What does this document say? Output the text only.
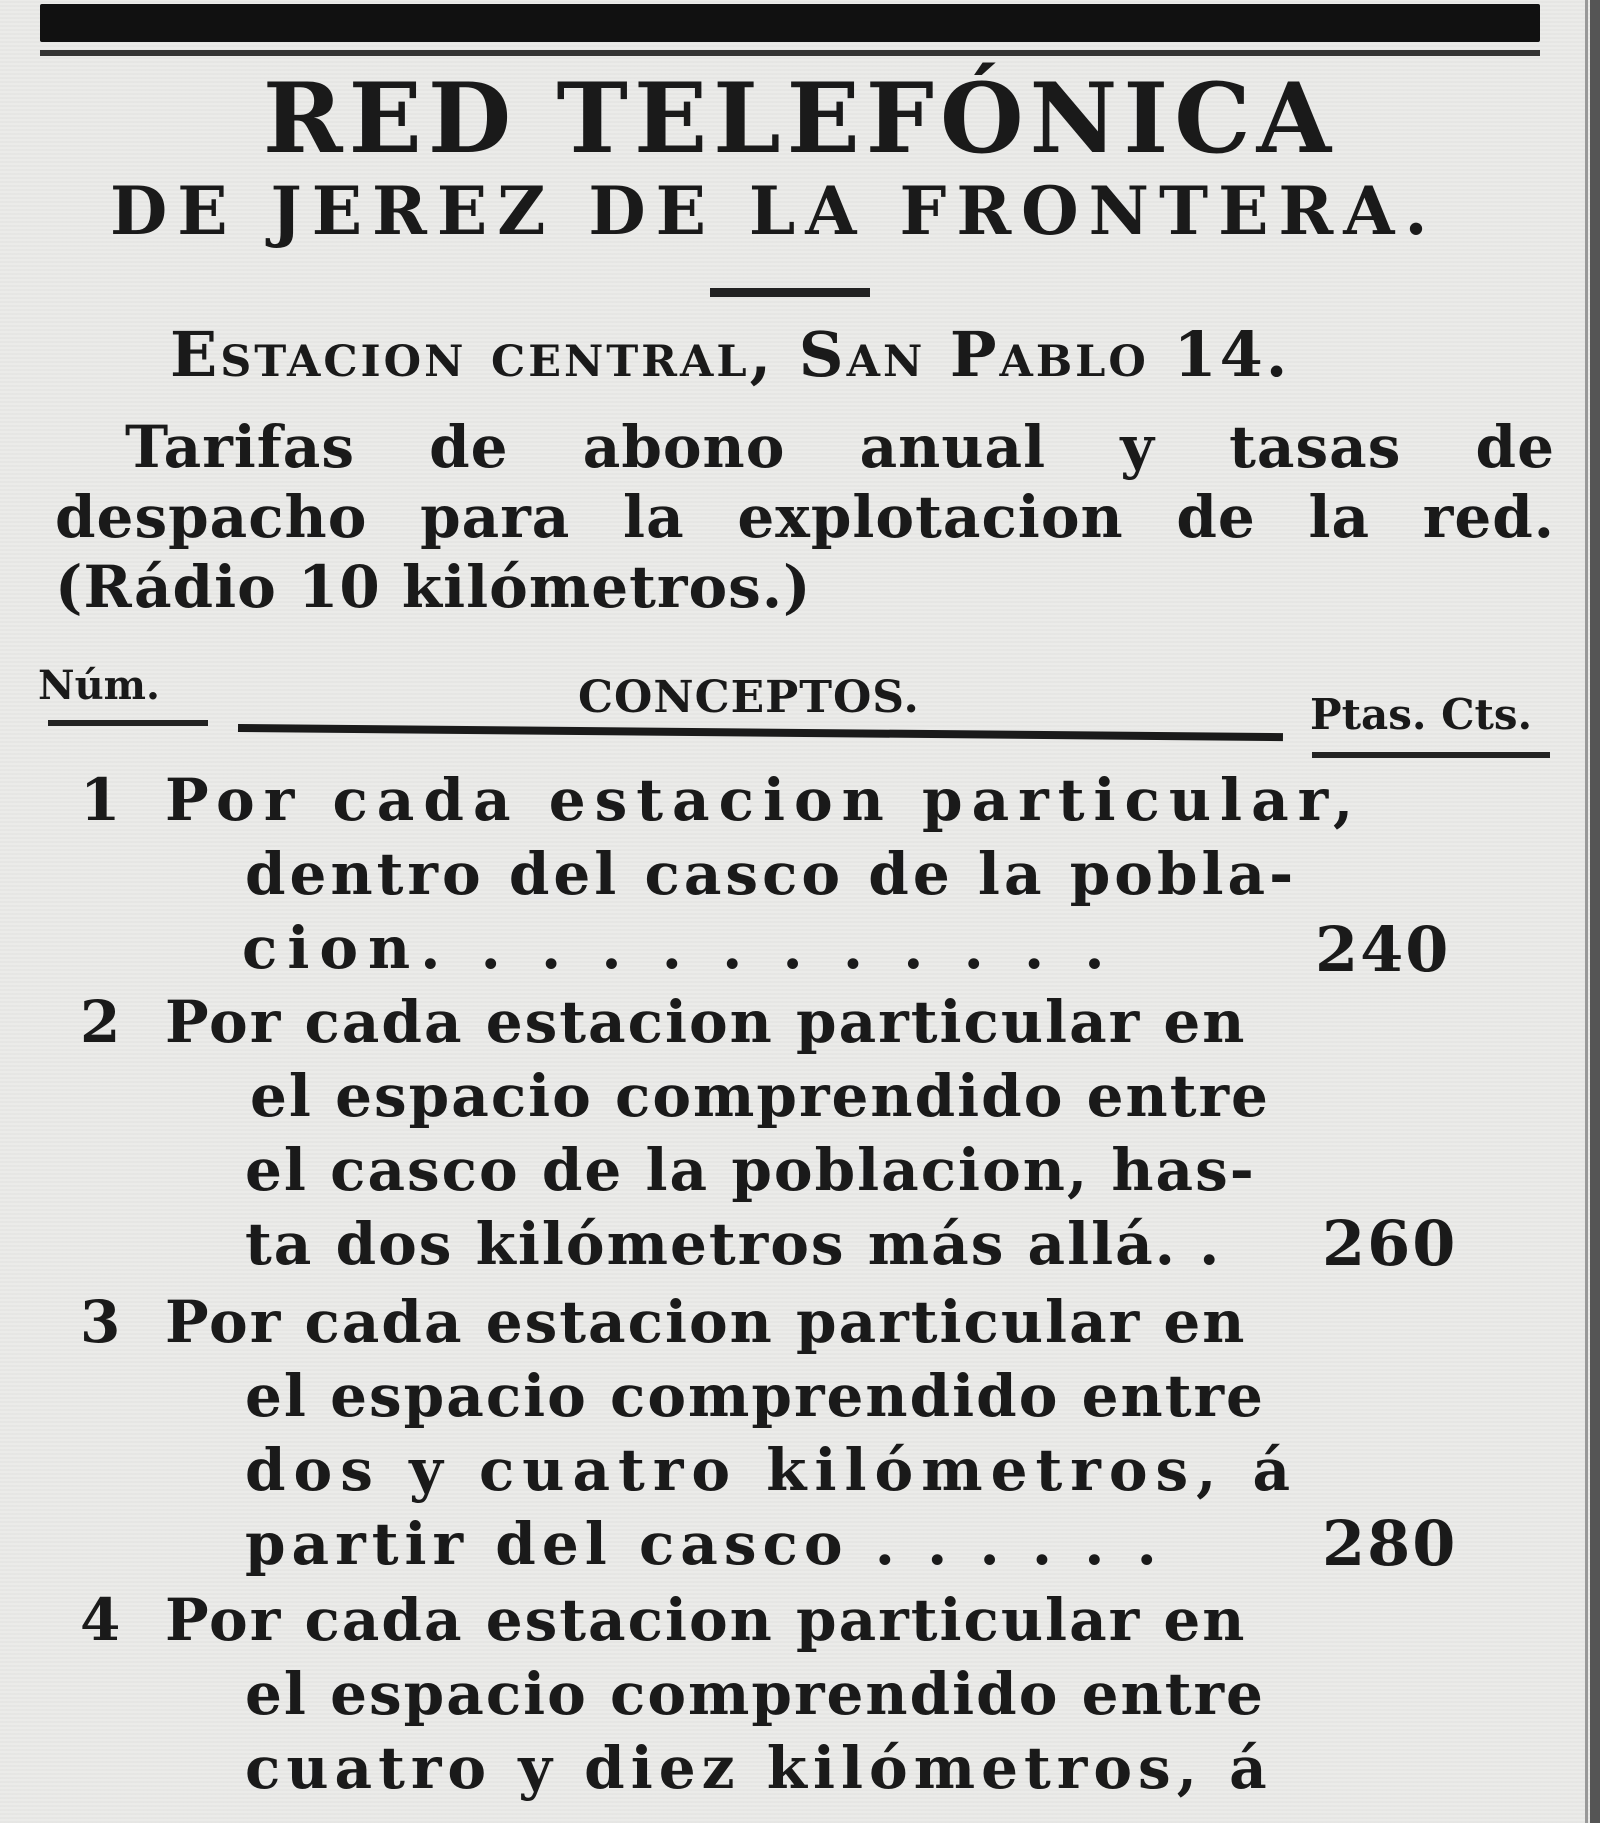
RED TELEFÓNICA
DE JEREZ DE LA FRONTERA.
Estacion central, San Pablo 14.
Tarifas de abono anual y tasas de despacho para la explotacion de la red. (Rádio 10 kilómetros.)
Núm.	CONCEPTOS.	Ptas. Cts.
1 Por cada estacion particular,
dentro del casco de la pobla-
cion. . . . . . . . . . . .	240
2 Por cada estacion particular en
el espacio comprendido entre
el casco de la poblacion, has-
ta dos kilómetros más allá. . 260
3 Por cada estacion particular en
el espacio comprendido entre
dos y cuatro kilómetros, á
partir del casco . . . . . .	280
4 Por cada estacion particular en
el espacio comprendido entre
cuatro y diez kilómetros, á
